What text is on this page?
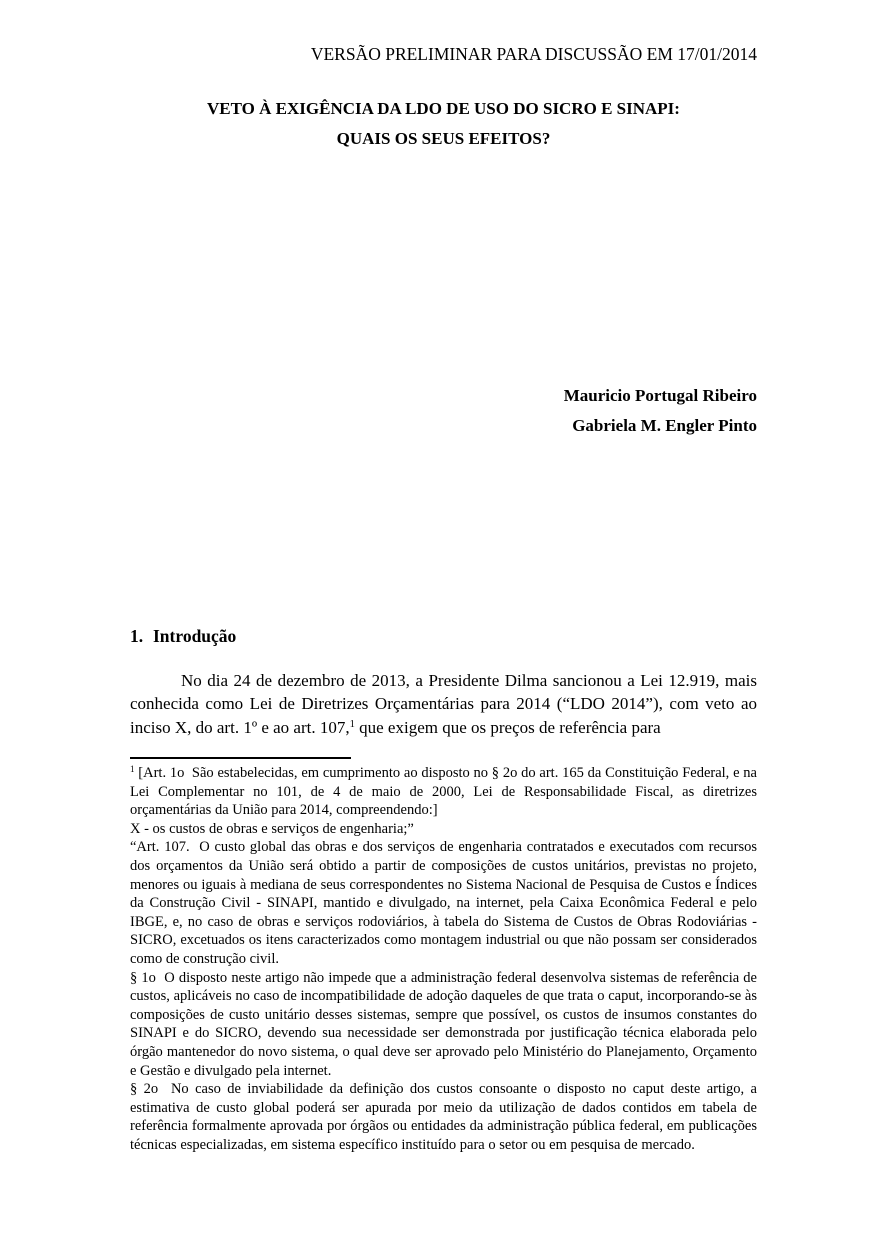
VERSÃO PRELIMINAR PARA DISCUSSÃO EM 17/01/2014
VETO À EXIGÊNCIA DA LDO DE USO DO SICRO E SINAPI:
QUAIS OS SEUS EFEITOS?
Mauricio Portugal Ribeiro
Gabriela M. Engler Pinto
1. Introdução

No dia 24 de dezembro de 2013, a Presidente Dilma sancionou a Lei 12.919, mais conhecida como Lei de Diretrizes Orçamentárias para 2014 (“LDO 2014”), com veto ao inciso X, do art. 1º e ao art. 107,$^1$ que exigem que os preços de referência para

$^1$ [Art. 1o  São estabelecidas, em cumprimento ao disposto no § 2o do art. 165 da Constituição Federal, e na Lei Complementar no 101, de 4 de maio de 2000, Lei de Responsabilidade Fiscal, as diretrizes orçamentárias da União para 2014, compreendendo:]

X - os custos de obras e serviços de engenharia;”

“Art. 107.  O custo global das obras e dos serviços de engenharia contratados e executados com recursos dos orçamentos da União será obtido a partir de composições de custos unitários, previstas no projeto, menores ou iguais à mediana de seus correspondentes no Sistema Nacional de Pesquisa de Custos e Índices da Construção Civil - SINAPI, mantido e divulgado, na internet, pela Caixa Econômica Federal e pelo IBGE, e, no caso de obras e serviços rodoviários, à tabela do Sistema de Custos de Obras Rodoviárias - SICRO, excetuados os itens caracterizados como montagem industrial ou que não possam ser considerados como de construção civil.

§ 1o  O disposto neste artigo não impede que a administração federal desenvolva sistemas de referência de custos, aplicáveis no caso de incompatibilidade de adoção daqueles de que trata o caput, incorporando-se às composições de custo unitário desses sistemas, sempre que possível, os custos de insumos constantes do SINAPI e do SICRO, devendo sua necessidade ser demonstrada por justificação técnica elaborada pelo órgão mantenedor do novo sistema, o qual deve ser aprovado pelo Ministério do Planejamento, Orçamento e Gestão e divulgado pela internet.

§ 2o  No caso de inviabilidade da definição dos custos consoante o disposto no caput deste artigo, a estimativa de custo global poderá ser apurada por meio da utilização de dados contidos em tabela de referência formalmente aprovada por órgãos ou entidades da administração pública federal, em publicações técnicas especializadas, em sistema específico instituído para o setor ou em pesquisa de mercado.
